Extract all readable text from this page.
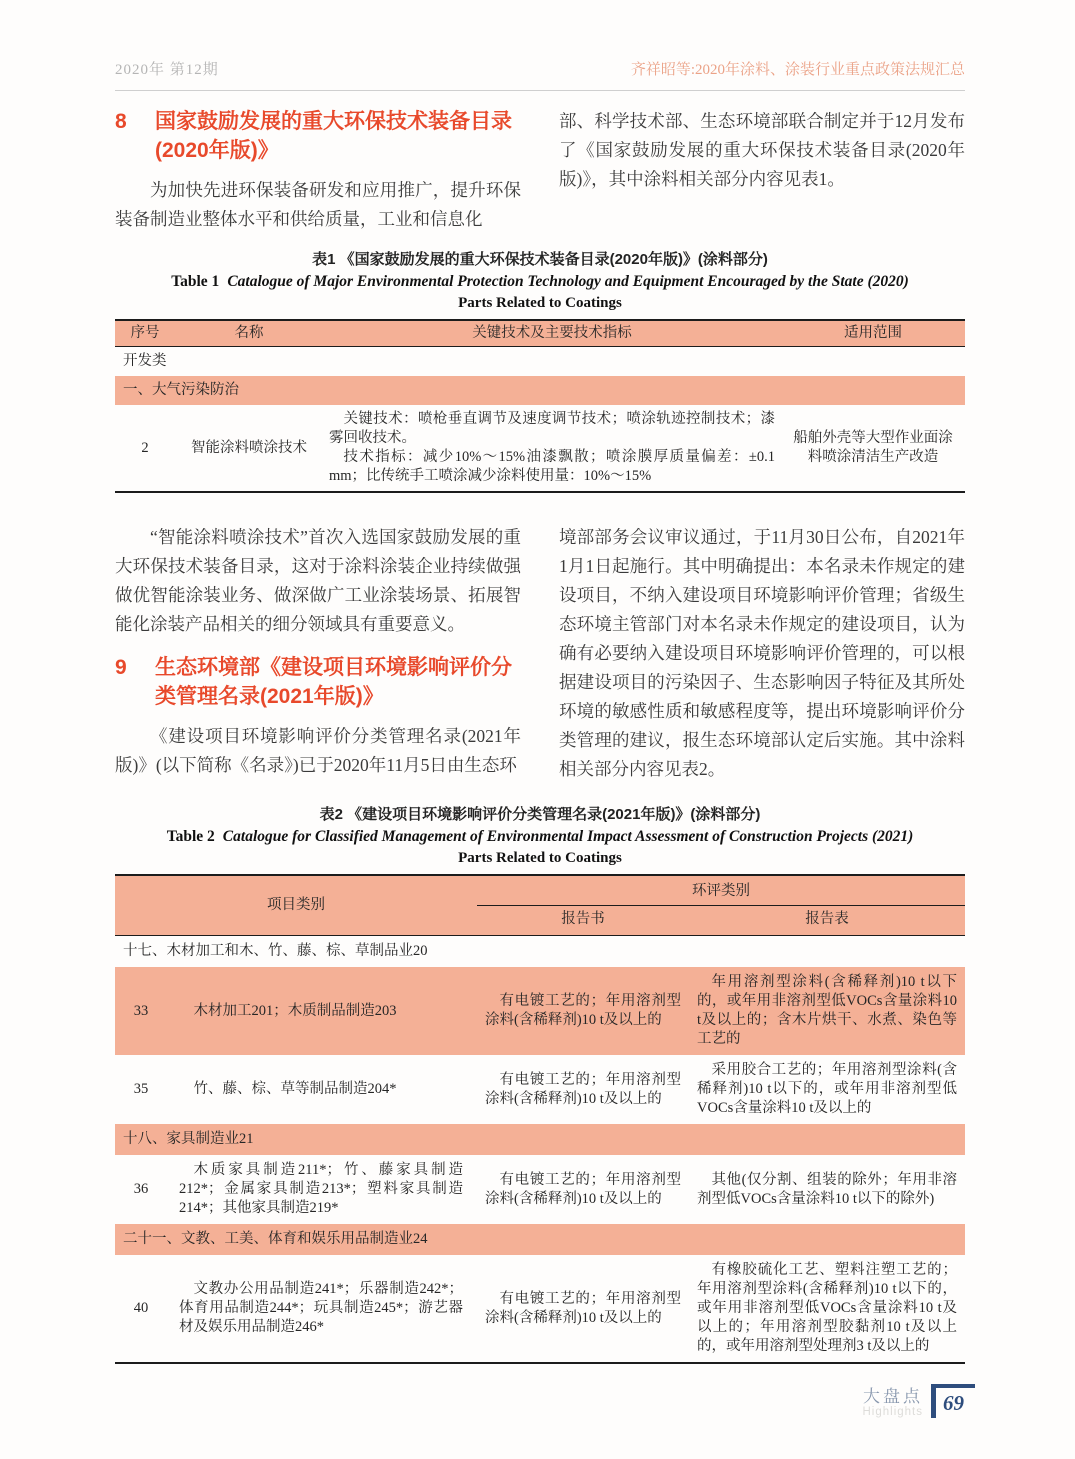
2020年 第12期	齐祥昭等:2020年涂料、涂装行业重点政策法规汇总
8	国家鼓励发展的重大环保技术装备目录(2020年版)》

为加快先进环保装备研发和应用推广，提升环保装备制造业整体水平和供给质量，工业和信息化

部、科学技术部、生态环境部联合制定并于12月发布了《国家鼓励发展的重大环保技术装备目录(2020年版)》，其中涂料相关部分内容见表1。

表1 《国家鼓励发展的重大环保技术装备目录(2020年版)》(涂料部分)
Table 1 Catalogue of Major Environmental Protection Technology and Equipment Encouraged by the State (2020)
Parts Related to Coatings
序号	名称	关键技术及主要技术指标	适用范围
开发类			
一、大气污染防治			
2	智能涂料喷涂技术	关键技术：喷枪垂直调节及速度调节技术；喷涂轨迹控制技术；漆雾回收技术。

技术指标：减少10%～15%油漆飘散；喷涂膜厚质量偏差：±0.1 mm；比传统手工喷涂减少涂料使用量：10%～15%	船舶外壳等大型作业面涂料喷涂清洁生产改造

“智能涂料喷涂技术”首次入选国家鼓励发展的重大环保技术装备目录，这对于涂料涂装企业持续做强做优智能涂装业务、做深做广工业涂装场景、拓展智能化涂装产品相关的细分领域具有重要意义。

9	生态环境部《建设项目环境影响评价分类管理名录(2021年版)》

《建设项目环境影响评价分类管理名录(2021年版)》(以下简称《名录》)已于2020年11月5日由生态环

境部部务会议审议通过，于11月30日公布，自2021年1月1日起施行。其中明确提出：本名录未作规定的建设项目，不纳入建设项目环境影响评价管理；省级生态环境主管部门对本名录未作规定的建设项目，认为确有必要纳入建设项目环境影响评价管理的，可以根据建设项目的污染因子、生态影响因子特征及其所处环境的敏感性质和敏感程度等，提出环境影响评价分类管理的建议，报生态环境部认定后实施。其中涂料相关部分内容见表2。

表2 《建设项目环境影响评价分类管理名录(2021年版)》(涂料部分)
Table 2 Catalogue for Classified Management of Environmental Impact Assessment of Construction Projects (2021)
Parts Related to Coatings
项目类别		环评类别	
		报告书	报告表
十七、木材加工和木、竹、藤、棕、草制品业20			
33	木材加工201；木质制品制造203	有电镀工艺的；年用溶剂型涂料(含稀释剂)10 t及以上的	年用溶剂型涂料(含稀释剂)10 t以下的，或年用非溶剂型低VOCs含量涂料10 t及以上的；含木片烘干、水煮、染色等工艺的
35	竹、藤、棕、草等制品制造204*	有电镀工艺的；年用溶剂型涂料(含稀释剂)10 t及以上的	采用胶合工艺的；年用溶剂型涂料(含稀释剂)10 t以下的，或年用非溶剂型低VOCs含量涂料10 t及以上的
十八、家具制造业21			
36	木质家具制造211*；竹、藤家具制造212*；金属家具制造213*；塑料家具制造214*；其他家具制造219*	有电镀工艺的；年用溶剂型涂料(含稀释剂)10 t及以上的	其他(仅分割、组装的除外；年用非溶剂型低VOCs含量涂料10 t以下的除外)
二十一、文教、工美、体育和娱乐用品制造业24			
40	文教办公用品制造241*；乐器制造242*；体育用品制造244*；玩具制造245*；游艺器材及娱乐用品制造246*	有电镀工艺的；年用溶剂型涂料(含稀释剂)10 t及以上的	有橡胶硫化工艺、塑料注塑工艺的；年用溶剂型涂料(含稀释剂)10 t以下的，或年用非溶剂型低VOCs含量涂料10 t及以上的；年用溶剂型胶黏剂10 t及以上的，或年用溶剂型处理剂3 t及以上的
大盘点
Highlights 69
